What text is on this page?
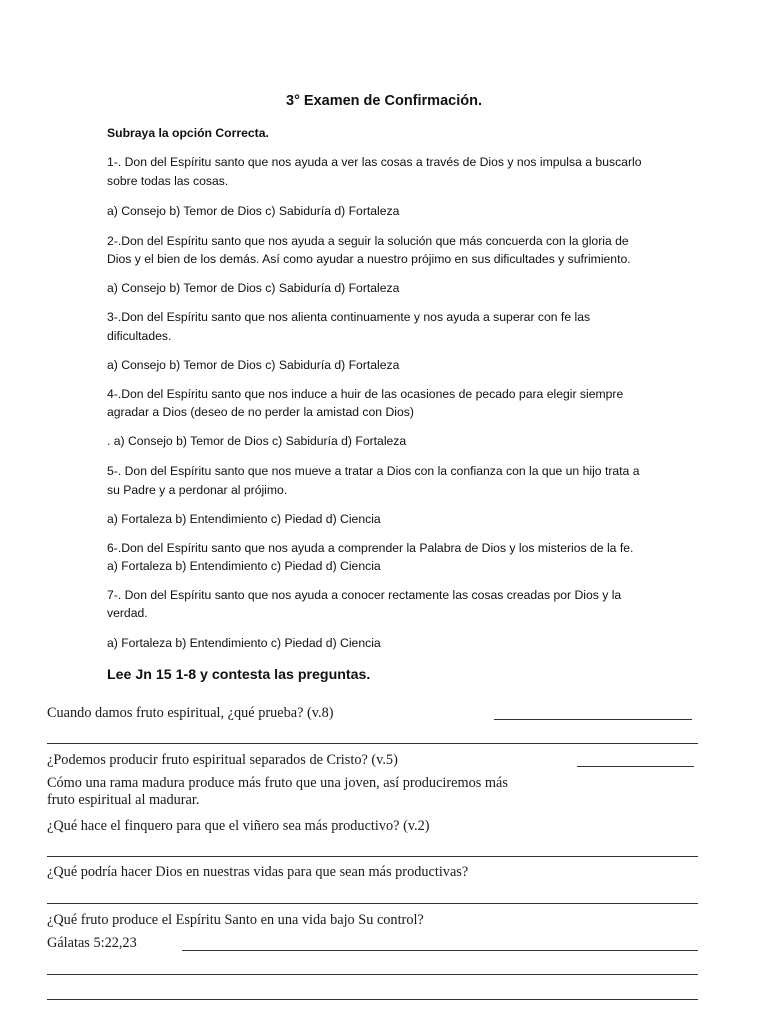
3° Examen de Confirmación.
Subraya la opción Correcta.
1-. Don del Espíritu santo que nos ayuda a ver las cosas a través de Dios y nos impulsa a buscarlo
sobre todas las cosas.
a) Consejo b) Temor de Dios c) Sabiduría d) Fortaleza
2-.Don del Espíritu santo que nos ayuda a seguir la solución que más concuerda con la gloria de
Dios y el bien de los demás. Así como ayudar a nuestro prójimo en sus dificultades y sufrimiento.
a) Consejo b) Temor de Dios c) Sabiduría d) Fortaleza
3-.Don del Espíritu santo que nos alienta continuamente y nos ayuda a superar con fe las
dificultades.
a) Consejo b) Temor de Dios c) Sabiduría d) Fortaleza
4-.Don del Espíritu santo que nos induce a huir de las ocasiones de pecado para elegir siempre
agradar a Dios (deseo de no perder la amistad con Dios)
. a) Consejo b) Temor de Dios c) Sabiduría d) Fortaleza
5-. Don del Espíritu santo que nos mueve a tratar a Dios con la confianza con la que un hijo trata a
su Padre y a perdonar al prójimo.
a) Fortaleza b) Entendimiento c) Piedad d) Ciencia
6-.Don del Espíritu santo que nos ayuda a comprender la Palabra de Dios y los misterios de la fe.
a) Fortaleza b) Entendimiento c) Piedad d) Ciencia
7-. Don del Espíritu santo que nos ayuda a conocer rectamente las cosas creadas por Dios y la
verdad.
a) Fortaleza b) Entendimiento c) Piedad d) Ciencia
Lee Jn 15 1-8 y contesta las preguntas.
Cuando damos fruto espiritual, ¿qué prueba? (v.8)
¿Podemos producir fruto espiritual separados de Cristo? (v.5)
Cómo una rama madura produce más fruto que una joven, así produciremos más
fruto espiritual al madurar.
¿Qué hace el finquero para que el viñero sea más productivo? (v.2)
¿Qué podría hacer Dios en nuestras vidas para que sean más productivas?
¿Qué fruto produce el Espíritu Santo en una vida bajo Su control?
Gálatas 5:22,23
